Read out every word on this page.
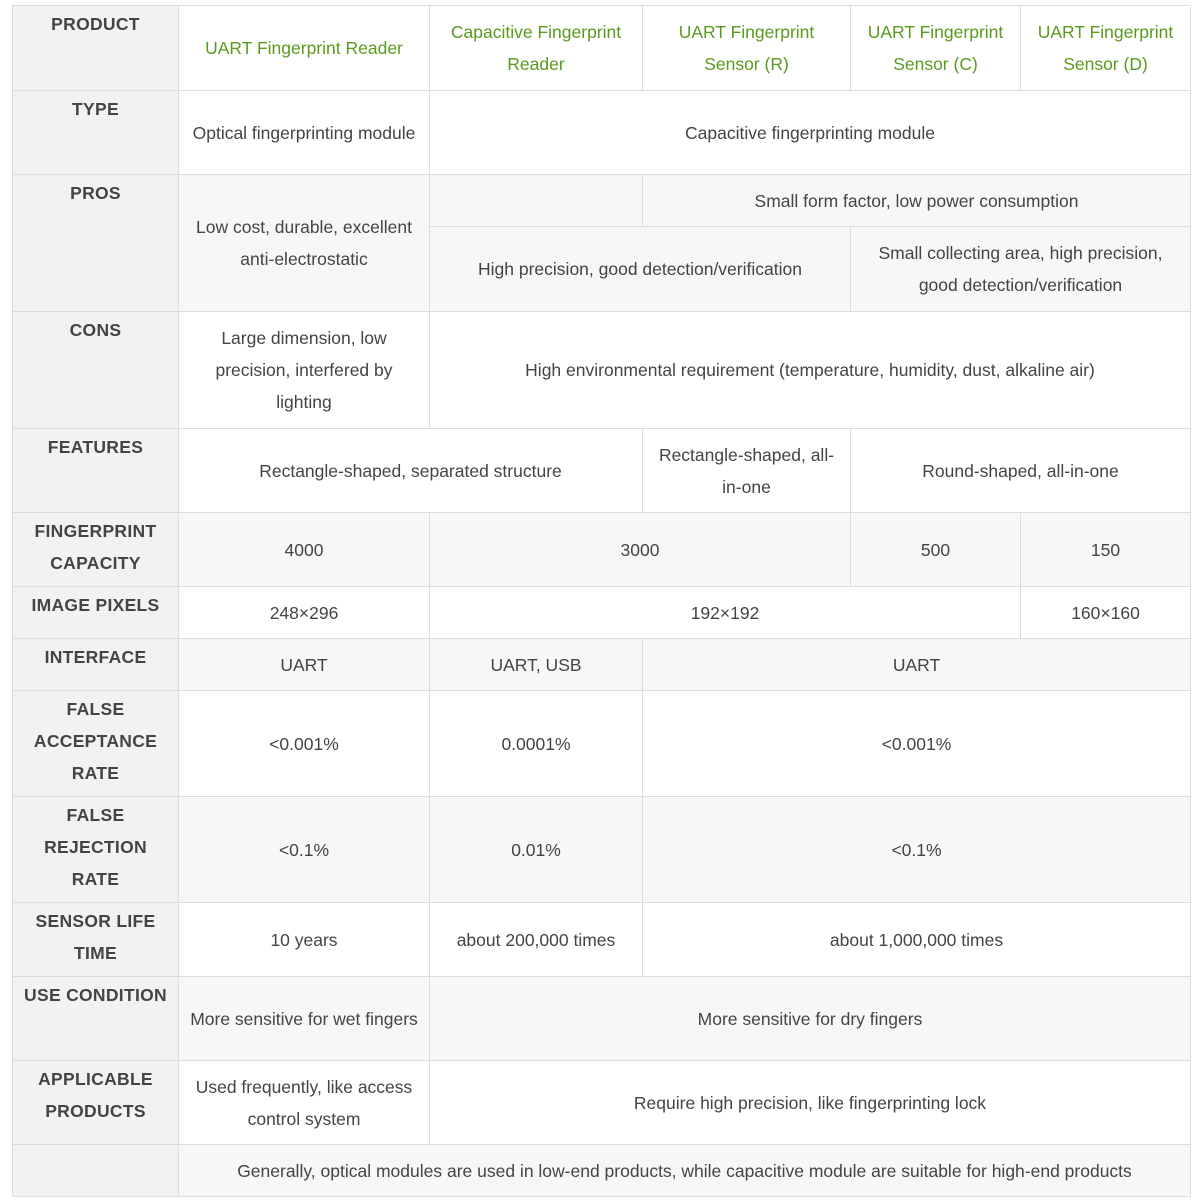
PRODUCT	UART Fingerprint Reader	Capacitive Fingerprint Reader	UART Fingerprint Sensor (R)	UART Fingerprint Sensor (C)	UART Fingerprint Sensor (D)
TYPE	Optical fingerprinting module	Capacitive fingerprinting module			
PROS	Low cost, durable, excellent anti-electrostatic		Small form factor, low power consumption		
		High precision, good detection/verification		Small collecting area, high precision, good detection/verification	
CONS	Large dimension, low precision, interfered by lighting	High environmental requirement (temperature, humidity, dust, alkaline air)			
FEATURES	Rectangle-shaped, separated structure		Rectangle-shaped, all-in-one	Round-shaped, all-in-one	
FINGERPRINT CAPACITY	4000	3000		500	150
IMAGE PIXELS	248×296	192×192			160×160
INTERFACE	UART	UART, USB	UART		
FALSE ACCEPTANCE RATE	<0.001%	0.0001%	<0.001%		
FALSE REJECTION RATE	<0.1%	0.01%	<0.1%		
SENSOR LIFE TIME	10 years	about 200,000 times	about 1,000,000 times		
USE CONDITION	More sensitive for wet fingers	More sensitive for dry fingers			
APPLICABLE PRODUCTS	Used frequently, like access control system	Require high precision, like fingerprinting lock			
	Generally, optical modules are used in low-end products, while capacitive module are suitable for high-end products				
